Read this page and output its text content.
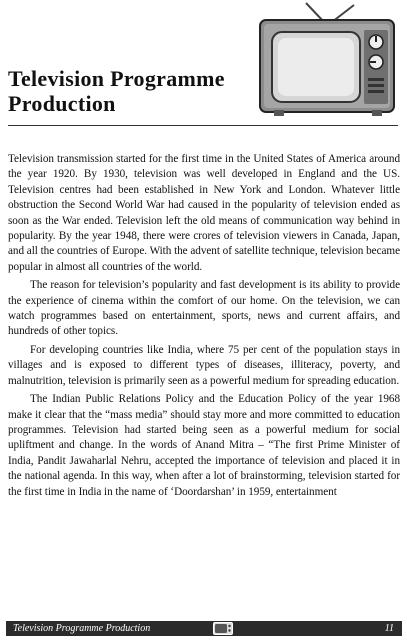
Television Programme
Production

Television transmission started for the first time in the United States of America around the year 1920. By 1930, television was well developed in England and the US. Television centres had been established in New York and London. Whatever little obstruction the Second World War had caused in the popularity of television ended as soon as the War ended. Television left the old means of communication way behind in popularity. By the year 1948, there were crores of television viewers in Canada, Japan, and all the countries of Europe. With the advent of satellite technique, television became popular in almost all countries of the world.

The reason for television’s popularity and fast development is its ability to provide the experience of cinema within the comfort of our home. On the television, we can watch programmes based on entertainment, sports, news and current affairs, and hundreds of other topics.

For developing countries like India, where 75 per cent of the population stays in villages and is exposed to different types of diseases, illiteracy, poverty, and malnutrition, television is primarily seen as a powerful medium for spreading education.

The Indian Public Relations Policy and the Education Policy of the year 1968 make it clear that the “mass media” should stay more and more committed to education programmes. Television had started being seen as a powerful medium for social upliftment and change. In the words of Anand Mitra – “The first Prime Minister of India, Pandit Jawaharlal Nehru, accepted the importance of television and placed it in the national agenda. In this way, when after a lot of brainstorming, television started for the first time in India in the name of ‘Doordarshan’ in 1959, entertainment

Television Programme Production	11
